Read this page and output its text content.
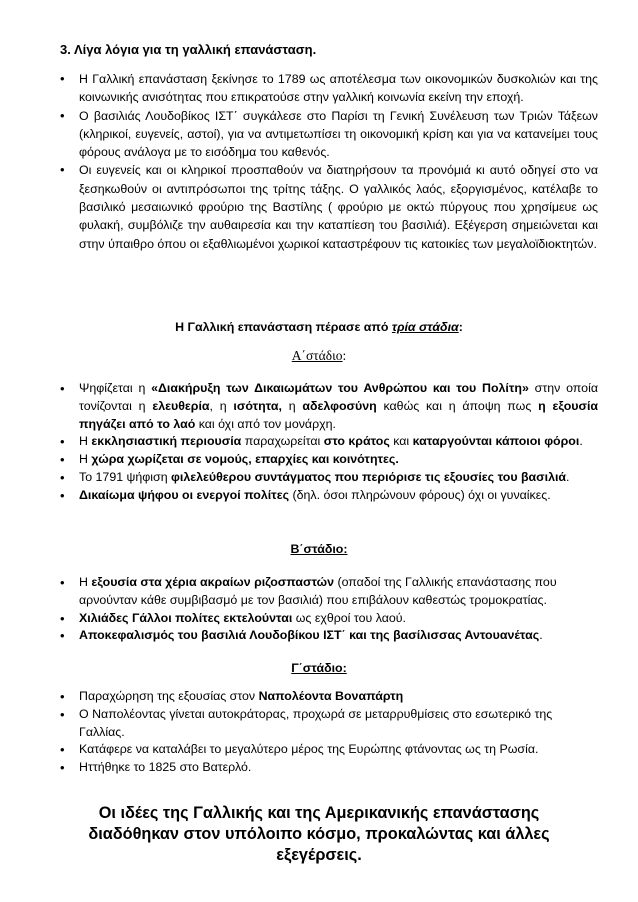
3. Λίγα λόγια για τη γαλλική επανάσταση.
• Η Γαλλική επανάσταση ξεκίνησε το 1789 ως αποτέλεσμα των οικονομικών δυσκολιών και της κοινωνικής ανισότητας που επικρατούσε στην γαλλική κοινωνία εκείνη την εποχή.
• Ο βασιλιάς Λουδοβίκος ΙΣΤ΄ συγκάλεσε στο Παρίσι τη Γενική Συνέλευση των Τριών Τάξεων (κληρικοί, ευγενείς, αστοί), για να αντιμετωπίσει τη οικονομική κρίση και για να κατανείμει τους φόρους ανάλογα με το εισόδημα του καθενός.
• Οι ευγενείς και οι κληρικοί προσπαθούν να διατηρήσουν τα προνόμιά κι αυτό οδηγεί στο να ξεσηκωθούν οι αντιπρόσωποι της τρίτης τάξης. Ο γαλλικός λαός, εξοργισμένος, κατέλαβε το βασιλικό μεσαιωνικό φρούριο της Βαστίλης ( φρούριο με οκτώ πύργους που χρησίμευε ως φυλακή, συμβόλιζε την αυθαιρεσία και την καταπίεση του βασιλιά). Εξέγερση σημειώνεται και στην ύπαιθρο όπου οι εξαθλιωμένοι χωρικοί καταστρέφουν τις κατοικίες των μεγαλοϊδιοκτητών.
Η Γαλλική επανάσταση πέρασε από τρία στάδια:
Α΄στάδιο:
• Ψηφίζεται η «Διακήρυξη των Δικαιωμάτων του Ανθρώπου και του Πολίτη» στην οποία τονίζονται η ελευθερία, η ισότητα, η αδελφοσύνη καθώς και η άποψη πως η εξουσία πηγάζει από το λαό και όχι από τον μονάρχη.
• Η εκκλησιαστική περιουσία παραχωρείται στο κράτος και καταργούνται κάποιοι φόροι.
• Η χώρα χωρίζεται σε νομούς, επαρχίες και κοινότητες.
• Το 1791 ψήφιση φιλελεύθερου συντάγματος που περιόρισε τις εξουσίες του βασιλιά.
• Δικαίωμα ψήφου οι ενεργοί πολίτες (δηλ. όσοι πληρώνουν φόρους) όχι οι γυναίκες.
Β΄στάδιο:
• Η εξουσία στα χέρια ακραίων ριζοσπαστών (οπαδοί της Γαλλικής επανάστασης που αρνούνταν κάθε συμβιβασμό με τον βασιλιά) που επιβάλουν καθεστώς τρομοκρατίας.
• Χιλιάδες Γάλλοι πολίτες εκτελούνται ως εχθροί του λαού.
• Αποκεφαλισμός του βασιλιά Λουδοβίκου ΙΣΤ΄ και της βασίλισσας Αντουανέτας.
Γ΄στάδιο:
• Παραχώρηση της εξουσίας στον Ναπολέοντα Βοναπάρτη
• Ο Ναπολέοντας γίνεται αυτοκράτορας, προχωρά σε μεταρρυθμίσεις στο εσωτερικό της Γαλλίας.
• Κατάφερε να καταλάβει το μεγαλύτερο μέρος της Ευρώπης φτάνοντας ως τη Ρωσία.
• Ηττήθηκε το 1825 στο Βατερλό.
Οι ιδέες της Γαλλικής και της Αμερικανικής επανάστασης
διαδόθηκαν στον υπόλοιπο κόσμο, προκαλώντας και άλλες
εξεγέρσεις.
